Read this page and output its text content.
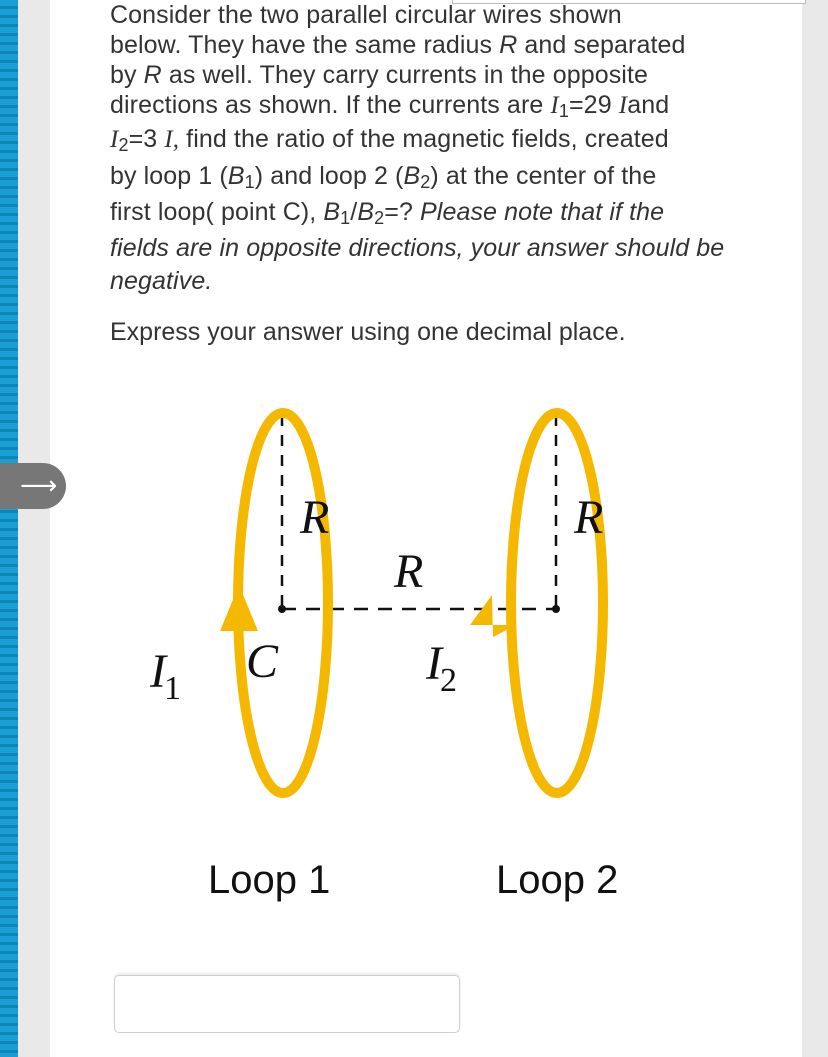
Consider the two parallel circular wires shown
below. They have the same radius R and separated
by R as well. They carry currents in the opposite
directions as shown. If the currents are $I_1=29$ Iand
$I_2=3$ I, find the ratio of the magnetic fields, created
by loop 1 $(B_1)$ and loop 2 $(B_2)$ at the center of the
first loop( point C), $B_1/B_2=$? Please note that if the
fields are in opposite directions, your answer should be
negative.
Express your answer using one decimal place.
⟶
R	R
R
C
I1	I2
Loop 1	Loop 2
